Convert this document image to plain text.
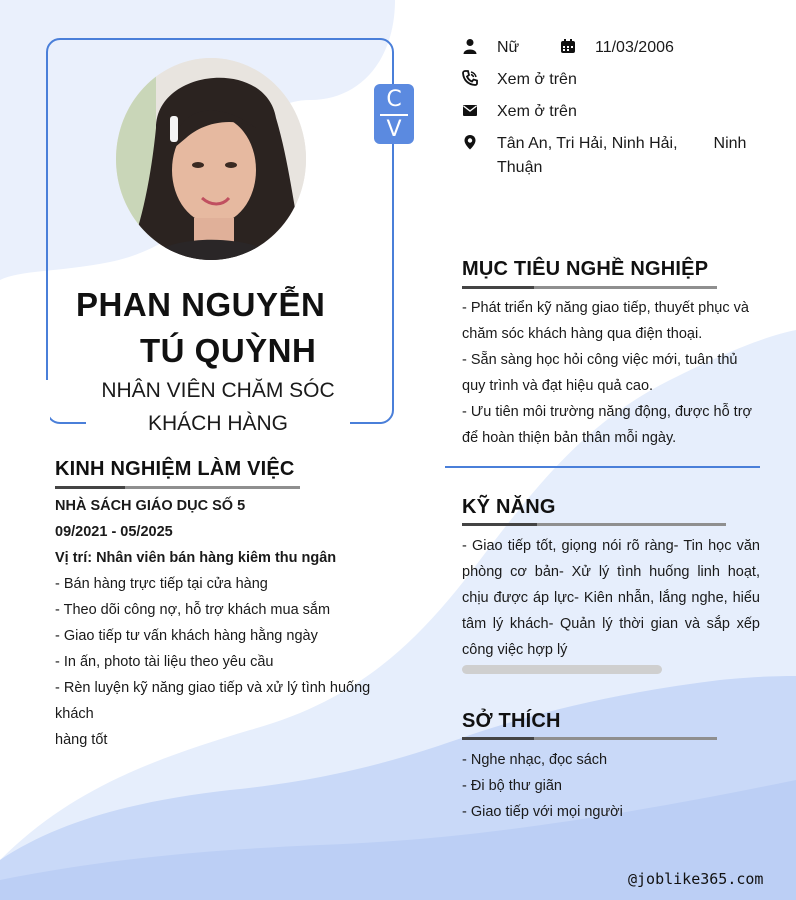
C
V
PHAN NGUYỄN
TÚ QUỲNH
NHÂN VIÊN CHĂM SÓC
KHÁCH HÀNG
Nữ	11/03/2006
Xem ở trên
Xem ở trên
Tân An, Tri Hải, Ninh Hải, Ninh
Thuận
MỤC TIÊU NGHỀ NGHIỆP
- Phát triển kỹ năng giao tiếp, thuyết phục và
chăm sóc khách hàng qua điện thoại.
- Sẵn sàng học hỏi công việc mới, tuân thủ
quy trình và đạt hiệu quả cao.
- Ưu tiên môi trường năng động, được hỗ trợ
để hoàn thiện bản thân mỗi ngày.
KINH NGHIỆM LÀM VIỆC
NHÀ SÁCH GIÁO DỤC SỐ 5
09/2021 - 05/2025
Vị trí: Nhân viên bán hàng kiêm thu ngân
- Bán hàng trực tiếp tại cửa hàng
- Theo dõi công nợ, hỗ trợ khách mua sắm
- Giao tiếp tư vấn khách hàng hằng ngày
- In ấn, photo tài liệu theo yêu cầu
- Rèn luyện kỹ năng giao tiếp và xử lý tình huống khách
hàng tốt
KỸ NĂNG
- Giao tiếp tốt, giọng nói rõ ràng- Tin học văn phòng cơ bản- Xử lý tình huống linh hoạt, chịu được áp lực- Kiên nhẫn, lắng nghe, hiểu tâm lý khách- Quản lý thời gian và sắp xếp công việc hợp lý
SỞ THÍCH
- Nghe nhạc, đọc sách
- Đi bộ thư giãn
- Giao tiếp với mọi người
@joblike365.com
